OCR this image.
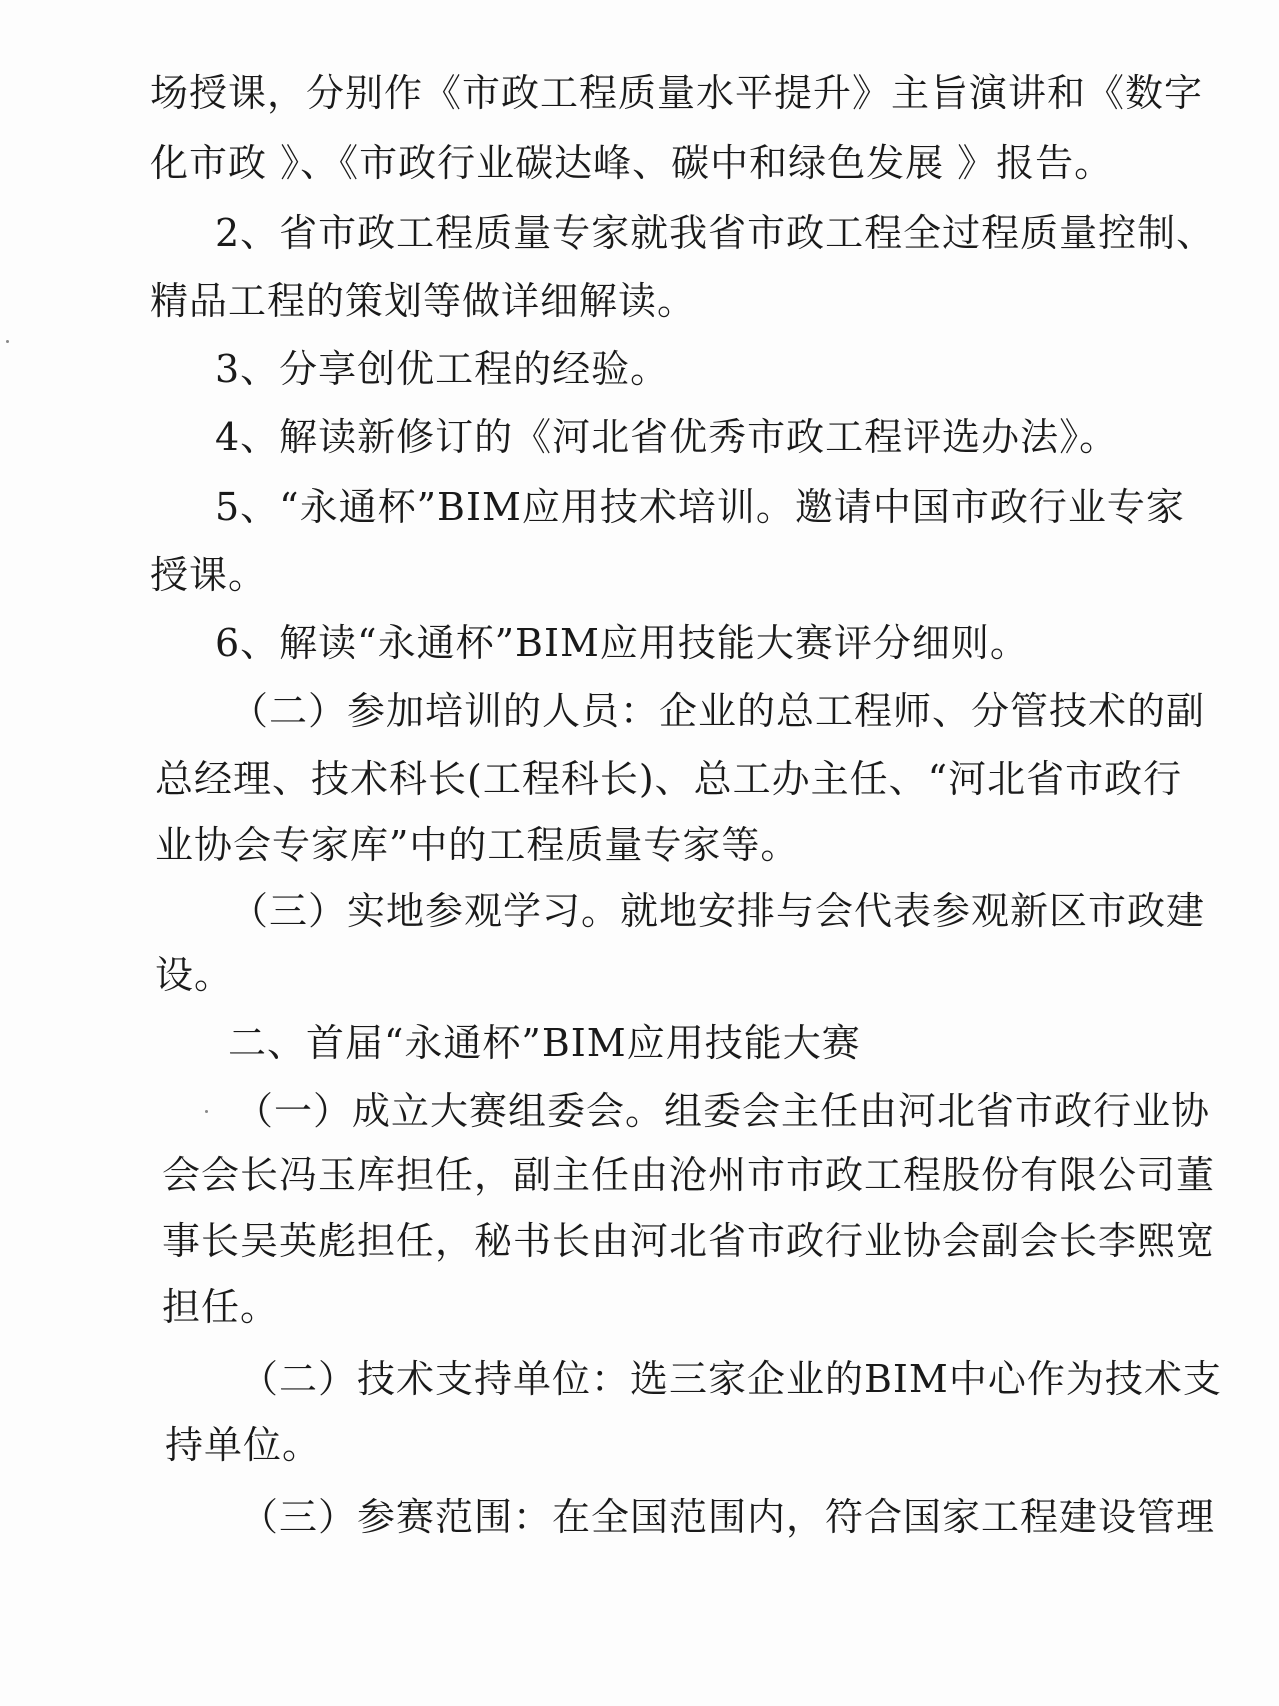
场授课，分别作《市政工程质量水平提升》主旨演讲和《数字
化市政 》、《市政行业碳达峰、碳中和绿色发展 》报告。
2、省市政工程质量专家就我省市政工程全过程质量控制、
精品工程的策划等做详细解读。
3、分享创优工程的经验。
4、解读新修订的《河北省优秀市政工程评选办法》。
5、“永通杯”BIM应用技术培训。邀请中国市政行业专家
授课。
6、解读“永通杯”BIM应用技能大赛评分细则。
（二）参加培训的人员：企业的总工程师、分管技术的副
总经理、技术科长(工程科长)、总工办主任、“河北省市政行
业协会专家库”中的工程质量专家等。
（三）实地参观学习。就地安排与会代表参观新区市政建
设。
二、首届“永通杯”BIM应用技能大赛
（一）成立大赛组委会。组委会主任由河北省市政行业协
会会长冯玉库担任，副主任由沧州市市政工程股份有限公司董
事长吴英彪担任，秘书长由河北省市政行业协会副会长李熙宽
担任。
（二）技术支持单位：选三家企业的BIM中心作为技术支
持单位。
（三）参赛范围：在全国范围内，符合国家工程建设管理
